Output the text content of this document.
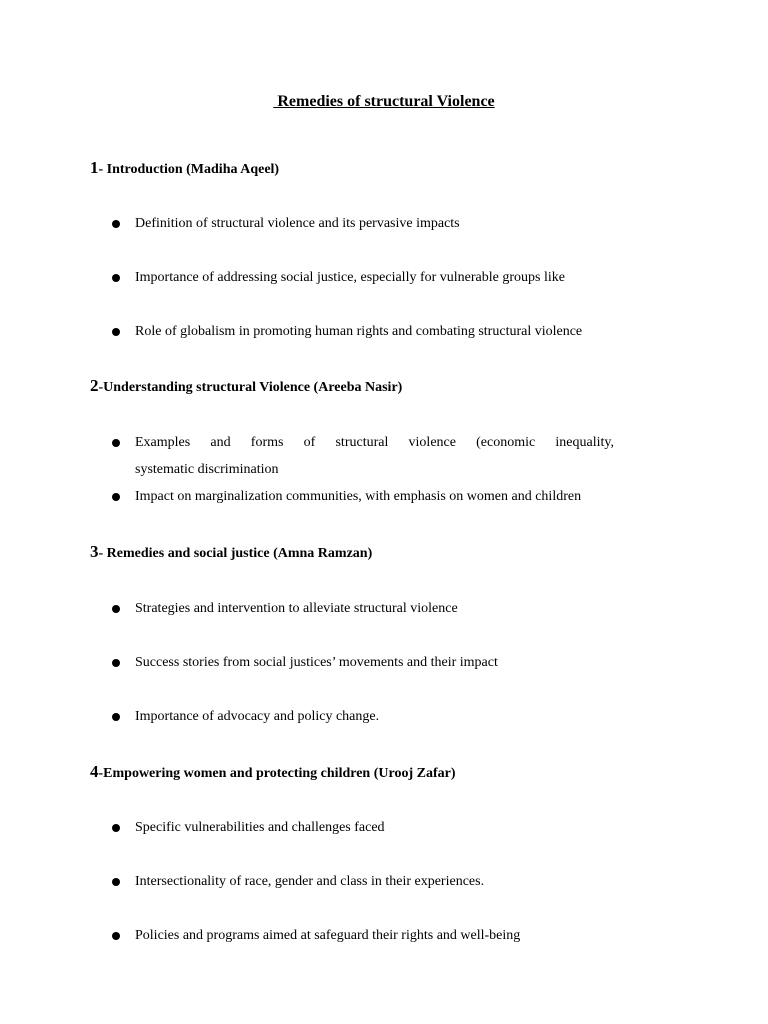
Remedies of structural Violence
1- Introduction (Madiha Aqeel)
Definition of structural violence and its pervasive impacts
Importance of addressing social justice, especially for vulnerable groups like
Role of globalism in promoting human rights and combating structural violence
2-Understanding structural Violence (Areeba Nasir)
Examples and forms of structural violence (economic inequality,
systematic discrimination
Impact on marginalization communities, with emphasis on women and children
3- Remedies and social justice (Amna Ramzan)
Strategies and intervention to alleviate structural violence
Success stories from social justices’ movements and their impact
Importance of advocacy and policy change.
4-Empowering women and protecting children (Urooj Zafar)
Specific vulnerabilities and challenges faced
Intersectionality of race, gender and class in their experiences.
Policies and programs aimed at safeguard their rights and well-being
